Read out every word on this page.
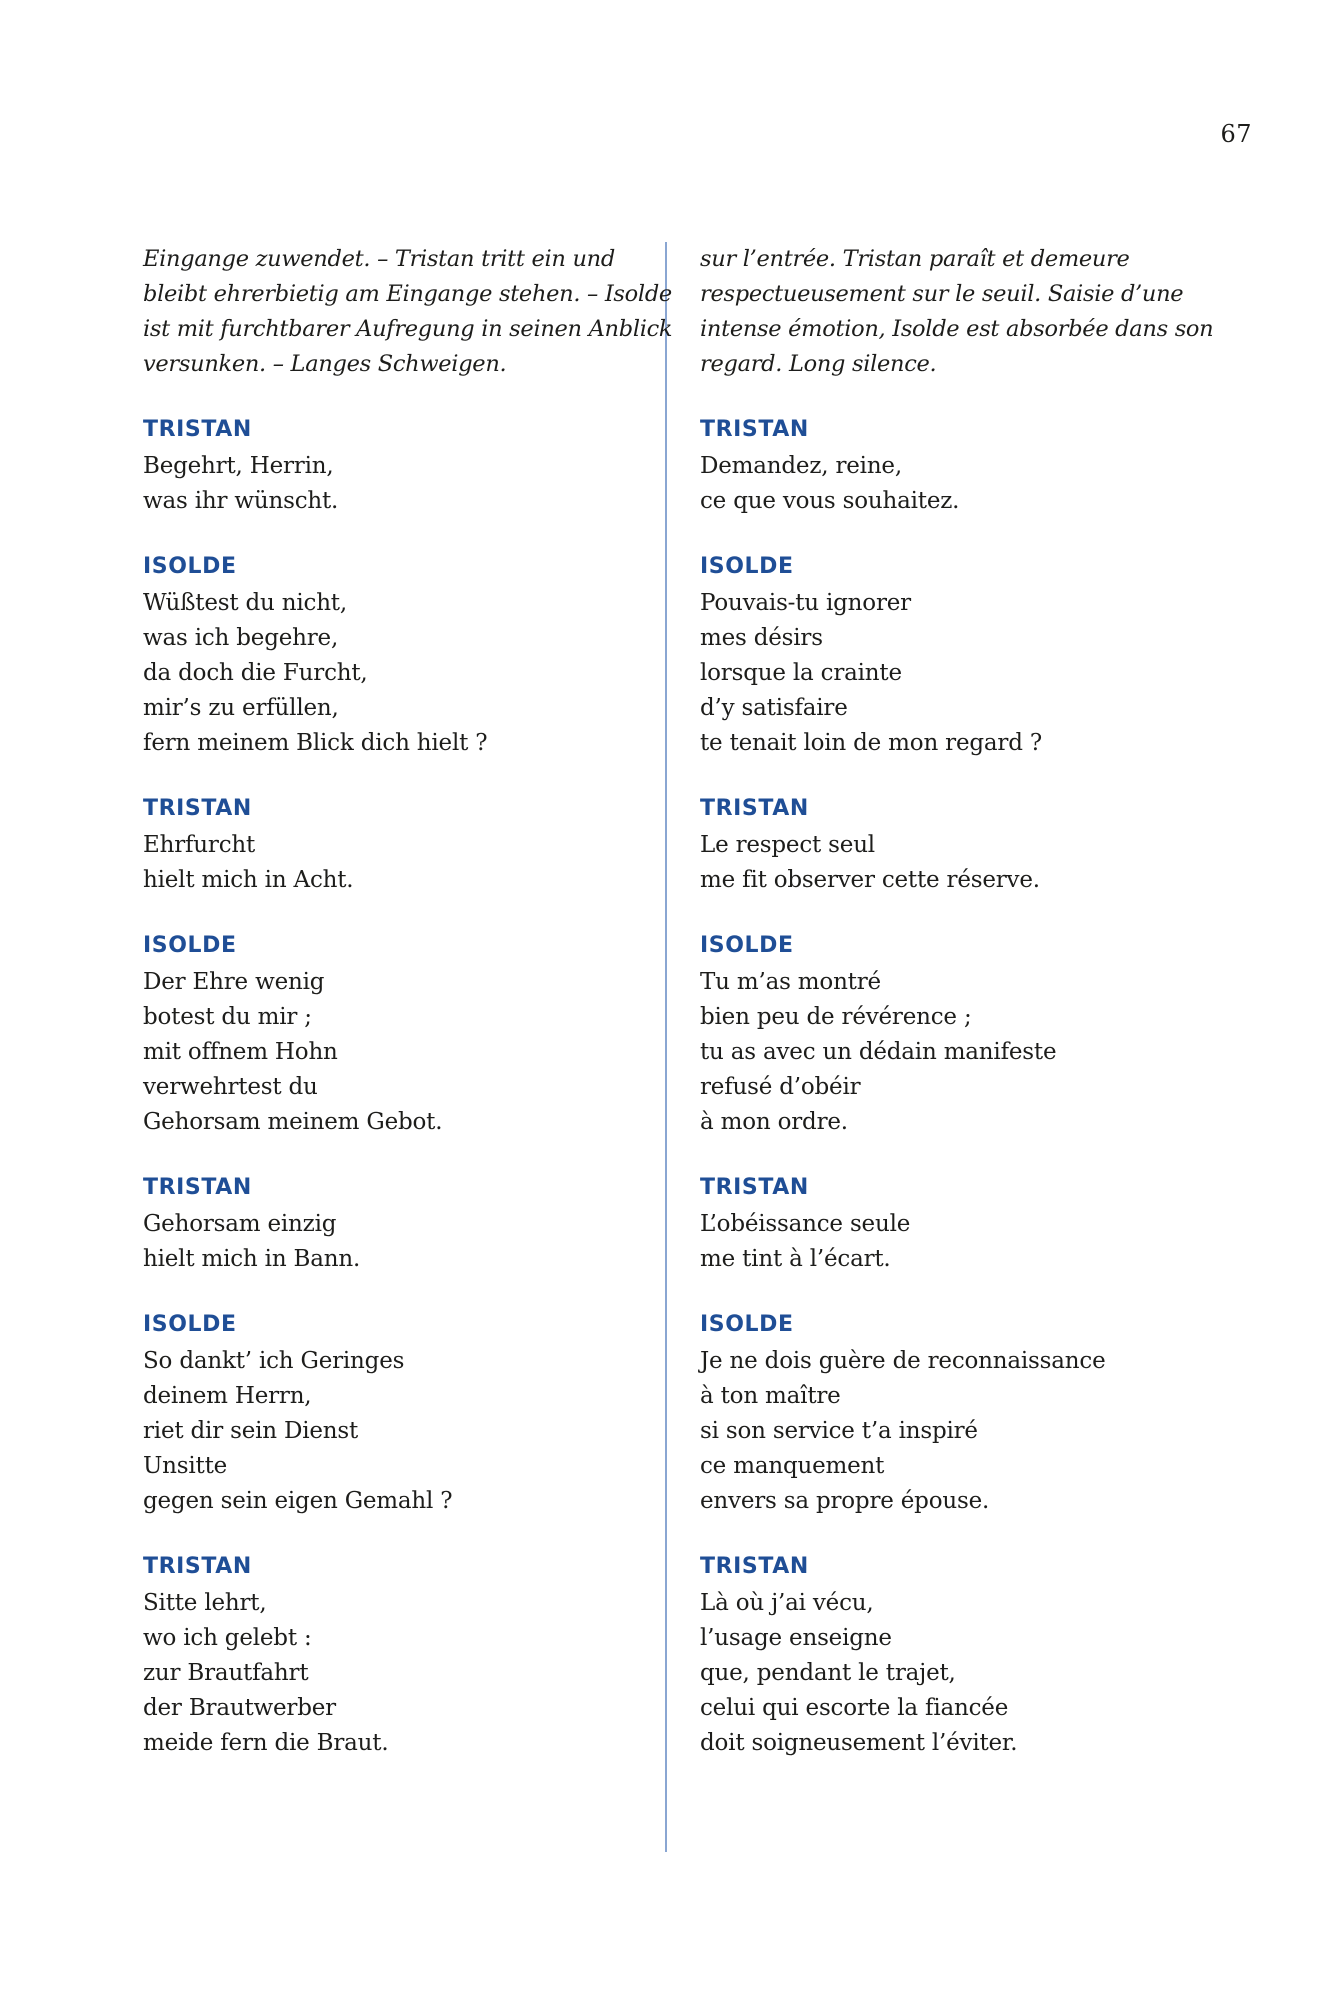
67
Eingange zuwendet. – Tristan tritt ein und
bleibt ehrerbietig am Eingange stehen. – Isolde
ist mit furchtbarer Aufregung in seinen Anblick
versunken. – Langes Schweigen.
TRISTAN
Begehrt, Herrin,
was ihr wünscht.
ISOLDE
Wüßtest du nicht,
was ich begehre,
da doch die Furcht,
mir’s zu erfüllen,
fern meinem Blick dich hielt ?
TRISTAN
Ehrfurcht
hielt mich in Acht.
ISOLDE
Der Ehre wenig
botest du mir ;
mit offnem Hohn
verwehrtest du
Gehorsam meinem Gebot.
TRISTAN
Gehorsam einzig
hielt mich in Bann.
ISOLDE
So dankt’ ich Geringes
deinem Herrn,
riet dir sein Dienst
Unsitte
gegen sein eigen Gemahl ?
TRISTAN
Sitte lehrt,
wo ich gelebt :
zur Brautfahrt
der Brautwerber
meide fern die Braut.
sur l’entrée. Tristan paraît et demeure
respectueusement sur le seuil. Saisie d’une
intense émotion, Isolde est absorbée dans son
regard. Long silence.
TRISTAN
Demandez, reine,
ce que vous souhaitez.
ISOLDE
Pouvais-tu ignorer
mes désirs
lorsque la crainte
d’y satisfaire
te tenait loin de mon regard ?
TRISTAN
Le respect seul
me fit observer cette réserve.
ISOLDE
Tu m’as montré
bien peu de révérence ;
tu as avec un dédain manifeste
refusé d’obéir
à mon ordre.
TRISTAN
L’obéissance seule
me tint à l’écart.
ISOLDE
Je ne dois guère de reconnaissance
à ton maître
si son service t’a inspiré
ce manquement
envers sa propre épouse.
TRISTAN
Là où j’ai vécu,
l’usage enseigne
que, pendant le trajet,
celui qui escorte la fiancée
doit soigneusement l’éviter.
